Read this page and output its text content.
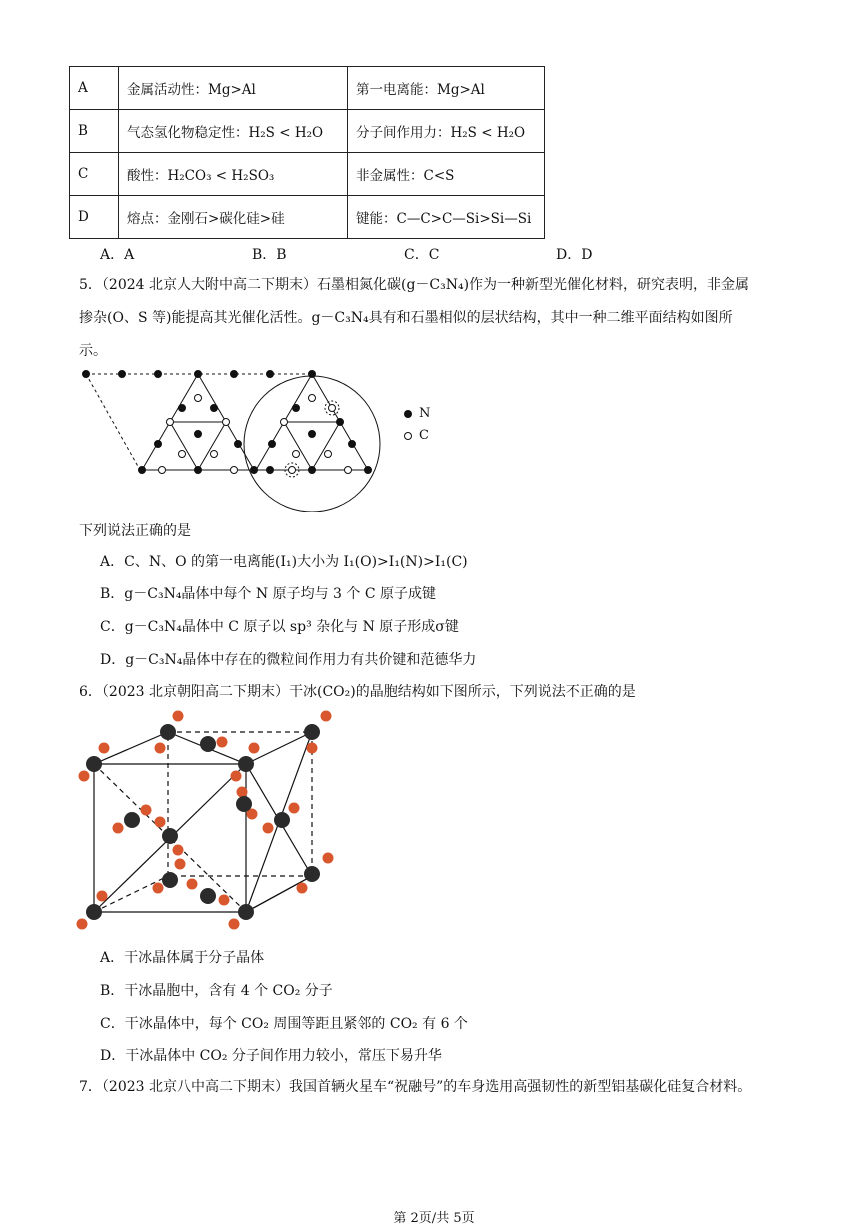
A	金属活动性：Mg>Al	第一电离能：Mg>Al
B	气态氢化物稳定性：H₂S < H₂O	分子间作用力：H₂S < H₂O
C	酸性：H₂CO₃ < H₂SO₃	非金属性：C<S
D	熔点：金刚石>碳化硅>硅	键能：C—C>C—Si>Si—Si
A．A	B．B	C．C	D．D
5．（2024 北京人大附中高二下期末）石墨相氮化碳(g－C₃N₄)作为一种新型光催化材料，研究表明，非金属
掺杂(O、S 等)能提高其光催化活性。g－C₃N₄具有和石墨相似的层状结构，其中一种二维平面结构如图所
示。
N
C
下列说法正确的是
A．C、N、O 的第一电离能(I₁)大小为 I₁(O)>I₁(N)>I₁(C)
B．g－C₃N₄晶体中每个 N 原子均与 3 个 C 原子成键
C．g－C₃N₄晶体中 C 原子以 sp³ 杂化与 N 原子形成σ键
D．g－C₃N₄晶体中存在的微粒间作用力有共价键和范德华力
6．（2023 北京朝阳高二下期末）干冰(CO₂)的晶胞结构如下图所示，下列说法不正确的是
A．干冰晶体属于分子晶体
B．干冰晶胞中，含有 4 个 CO₂ 分子
C．干冰晶体中，每个 CO₂ 周围等距且紧邻的 CO₂ 有 6 个
D．干冰晶体中 CO₂ 分子间作用力较小，常压下易升华
7．（2023 北京八中高二下期末）我国首辆火星车“祝融号”的车身选用高强韧性的新型铝基碳化硅复合材料。
第 2页/共 5页
